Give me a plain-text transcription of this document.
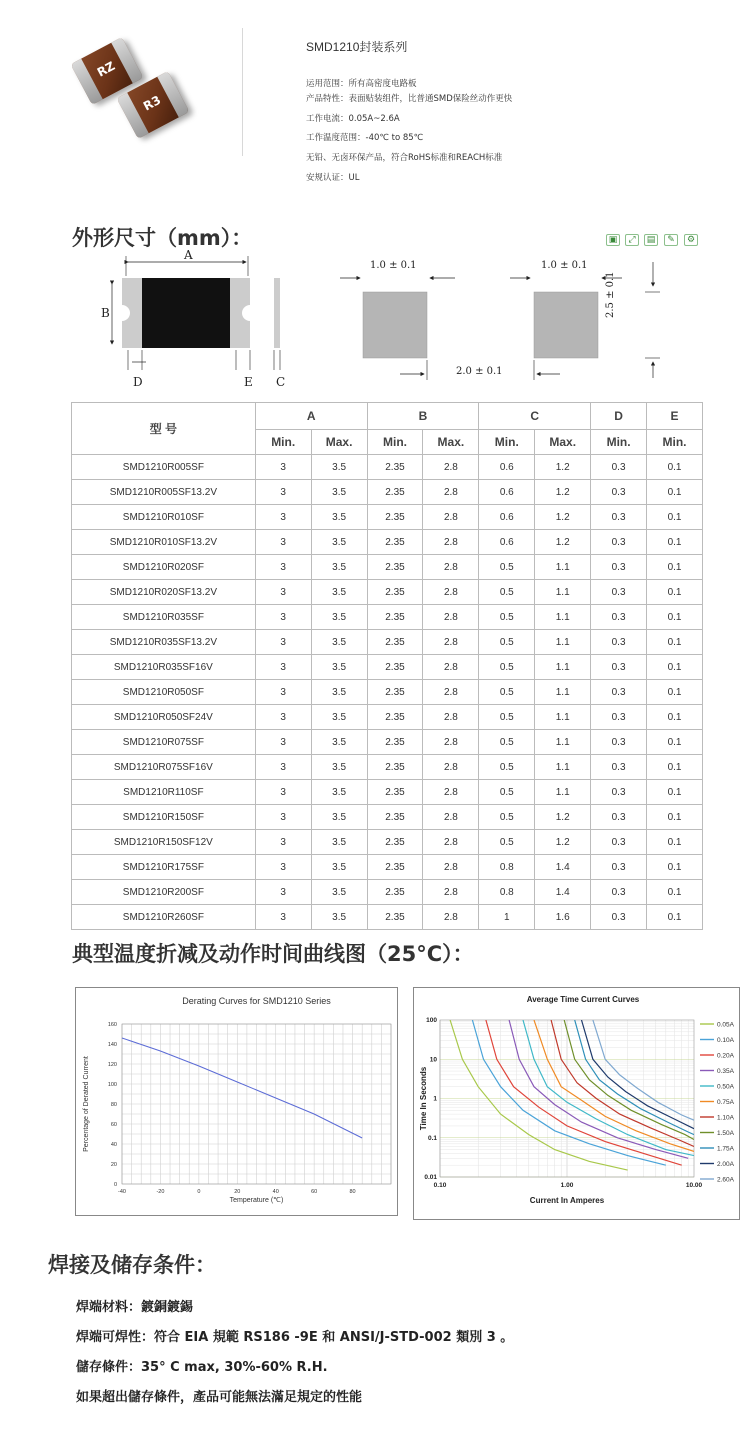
RZ
R3
SMD1210封装系列
运用范围：所有高密度电路板
产品特性：表面贴装组件，比普通SMD保险丝动作更快
工作电流：0.05A~2.6A
工作温度范围：-40℃ to 85℃
无铅、无卤环保产品，符合RoHS标准和REACH标准
安规认证：UL
外形尺寸（mm）：	▣	⤢	▤	✎	⚙
A
B
D	E C
1.0 ± 0.1	1.0 ± 0.1
2.0 ± 0.1
2.5 ± 0.1
型 号	A		B		C		D	E
	Min.	Max.	Min.	Max.	Min.	Max.	Min.	Min.
SMD1210R005SF	3	3.5	2.35	2.8	0.6	1.2	0.3	0.1
SMD1210R005SF13.2V	3	3.5	2.35	2.8	0.6	1.2	0.3	0.1
SMD1210R010SF	3	3.5	2.35	2.8	0.6	1.2	0.3	0.1
SMD1210R010SF13.2V	3	3.5	2.35	2.8	0.6	1.2	0.3	0.1
SMD1210R020SF	3	3.5	2.35	2.8	0.5	1.1	0.3	0.1
SMD1210R020SF13.2V	3	3.5	2.35	2.8	0.5	1.1	0.3	0.1
SMD1210R035SF	3	3.5	2.35	2.8	0.5	1.1	0.3	0.1
SMD1210R035SF13.2V	3	3.5	2.35	2.8	0.5	1.1	0.3	0.1
SMD1210R035SF16V	3	3.5	2.35	2.8	0.5	1.1	0.3	0.1
SMD1210R050SF	3	3.5	2.35	2.8	0.5	1.1	0.3	0.1
SMD1210R050SF24V	3	3.5	2.35	2.8	0.5	1.1	0.3	0.1
SMD1210R075SF	3	3.5	2.35	2.8	0.5	1.1	0.3	0.1
SMD1210R075SF16V	3	3.5	2.35	2.8	0.5	1.1	0.3	0.1
SMD1210R110SF	3	3.5	2.35	2.8	0.5	1.1	0.3	0.1
SMD1210R150SF	3	3.5	2.35	2.8	0.5	1.2	0.3	0.1
SMD1210R150SF12V	3	3.5	2.35	2.8	0.5	1.2	0.3	0.1
SMD1210R175SF	3	3.5	2.35	2.8	0.8	1.4	0.3	0.1
SMD1210R200SF	3	3.5	2.35	2.8	0.8	1.4	0.3	0.1
SMD1210R260SF	3	3.5	2.35	2.8	1	1.6	0.3	0.1
典型温度折减及动作时间曲线图（25°C）：
Derating Curves for SMD1210 Series
Temperature (℃)
Percentage of Derated Current
-40	-20	0	20	40	60	80
0
20
40
60
80
100
120
140
160
Average Time Current Curves
Current In Amperes
Time In Seconds
0.10	1.00	10.00
0.01
0.1
1
10
100
0.05A
0.10A
0.20A
0.35A
0.50A
0.75A
1.10A
1.50A
1.75A
2.00A
2.60A
焊接及储存条件：
焊端材料：鍍銅鍍錫
焊端可焊性：符合 EIA 規範 RS186 -9E 和 ANSI/J-STD-002 類別 3 。
儲存條件：35° C max, 30%-60% R.H.
如果超出儲存條件，產品可能無法滿足規定的性能
